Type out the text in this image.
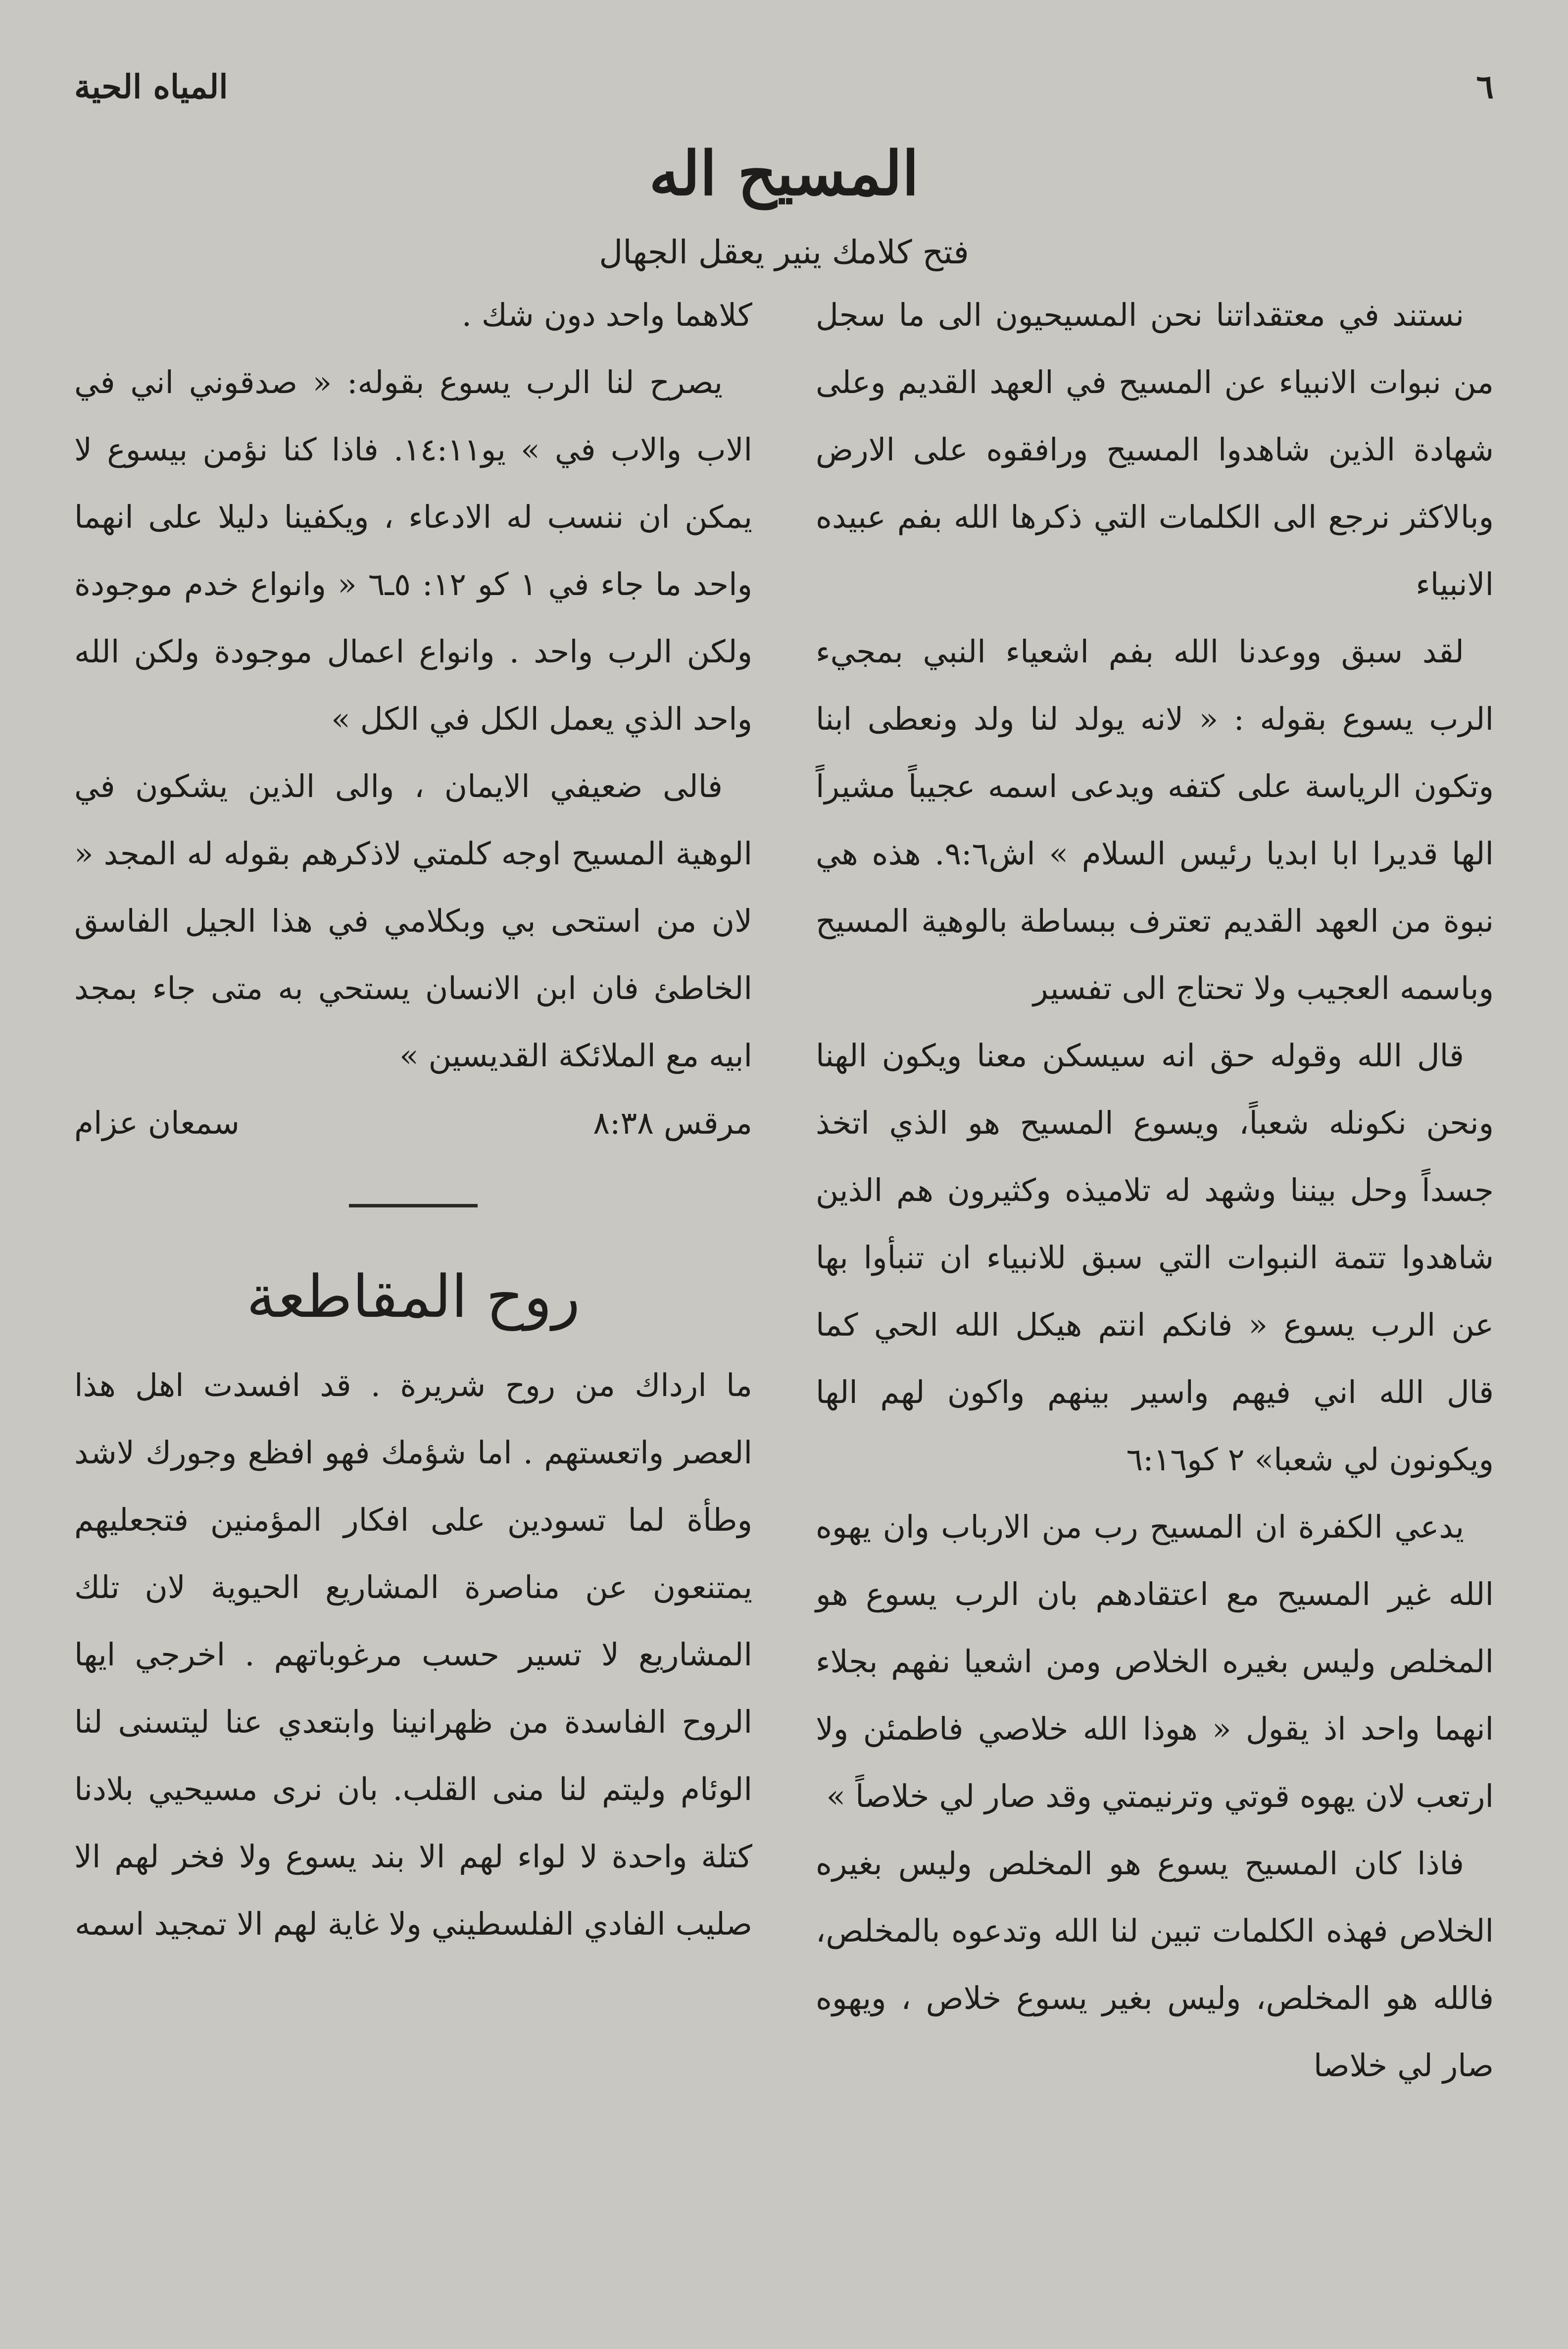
٦
المياه الحية
المسيح اله
فتح كلامك ينير يعقل الجهال

نستند في معتقداتنا نحن المسيحيون الى ما سجل من نبوات الانبياء عن المسيح في العهد القديم وعلى شهادة الذين شاهدوا المسيح ورافقوه على الارض وبالاكثر نرجع الى الكلمات التي ذكرها الله بفم عبيده الانبياء

لقد سبق ووعدنا الله بفم اشعياء النبي بمجيء الرب يسوع بقوله : « لانه يولد لنا ولد ونعطى ابنا وتكون الرياسة على كتفه ويدعى اسمه عجيباً مشيراً الها قديرا ابا ابديا رئيس السلام » اش٩:٦. هذه هي نبوة من العهد القديم تعترف ببساطة بالوهية المسيح وباسمه العجيب ولا تحتاج الى تفسير

قال الله وقوله حق انه سيسكن معنا ويكون الهنا ونحن نكونله شعباً، ويسوع المسيح هو الذي اتخذ جسداً وحل بيننا وشهد له تلاميذه وكثيرون هم الذين شاهدوا تتمة النبوات التي سبق للانبياء ان تنبأوا بها عن الرب يسوع « فانكم انتم هيكل الله الحي كما قال الله اني فيهم واسير بينهم واكون لهم الها ويكونون لي شعبا» ٢ كو٦:١٦

يدعي الكفرة ان المسيح رب من الارباب وان يهوه الله غير المسيح مع اعتقادهم بان الرب يسوع هو المخلص وليس بغيره الخلاص ومن اشعيا نفهم بجلاء انهما واحد اذ يقول « هوذا الله خلاصي فاطمئن ولا ارتعب لان يهوه قوتي وترنيمتي وقد صار لي خلاصاً »

فاذا كان المسيح يسوع هو المخلص وليس بغيره الخلاص فهذه الكلمات تبين لنا الله وتدعوه بالمخلص، فالله هو المخلص، وليس بغير يسوع خلاص ، ويهوه صار لي خلاصا

كلاهما واحد دون شك .

يصرح لنا الرب يسوع بقوله: « صدقوني اني في الاب والاب في » يو١٤:١١. فاذا كنا نؤمن بيسوع لا يمكن ان ننسب له الادعاء ، ويكفينا دليلا على انهما واحد ما جاء في ١ كو ١٢: ٥ـ٦ « وانواع خدم موجودة ولكن الرب واحد . وانواع اعمال موجودة ولكن الله واحد الذي يعمل الكل في الكل »

فالى ضعيفي الايمان ، والى الذين يشكون في الوهية المسيح اوجه كلمتي لاذكرهم بقوله له المجد « لان من استحى بي وبكلامي في هذا الجيل الفاسق الخاطئ فان ابن الانسان يستحي به متى جاء بمجد ابيه مع الملائكة القديسين »

مرقس ٨:٣٨
سمعان عزام
روح المقاطعة

ما ارداك من روح شريرة . قد افسدت اهل هذا العصر واتعستهم . اما شؤمك فهو افظع وجورك لاشد وطأة لما تسودين على افكار المؤمنين فتجعليهم يمتنعون عن مناصرة المشاريع الحيوية لان تلك المشاريع لا تسير حسب مرغوباتهم . اخرجي ايها الروح الفاسدة من ظهرانينا وابتعدي عنا ليتسنى لنا الوئام وليتم لنا منى القلب. بان نرى مسيحيي بلادنا كتلة واحدة لا لواء لهم الا بند يسوع ولا فخر لهم الا صليب الفادي الفلسطيني ولا غاية لهم الا تمجيد اسمه
